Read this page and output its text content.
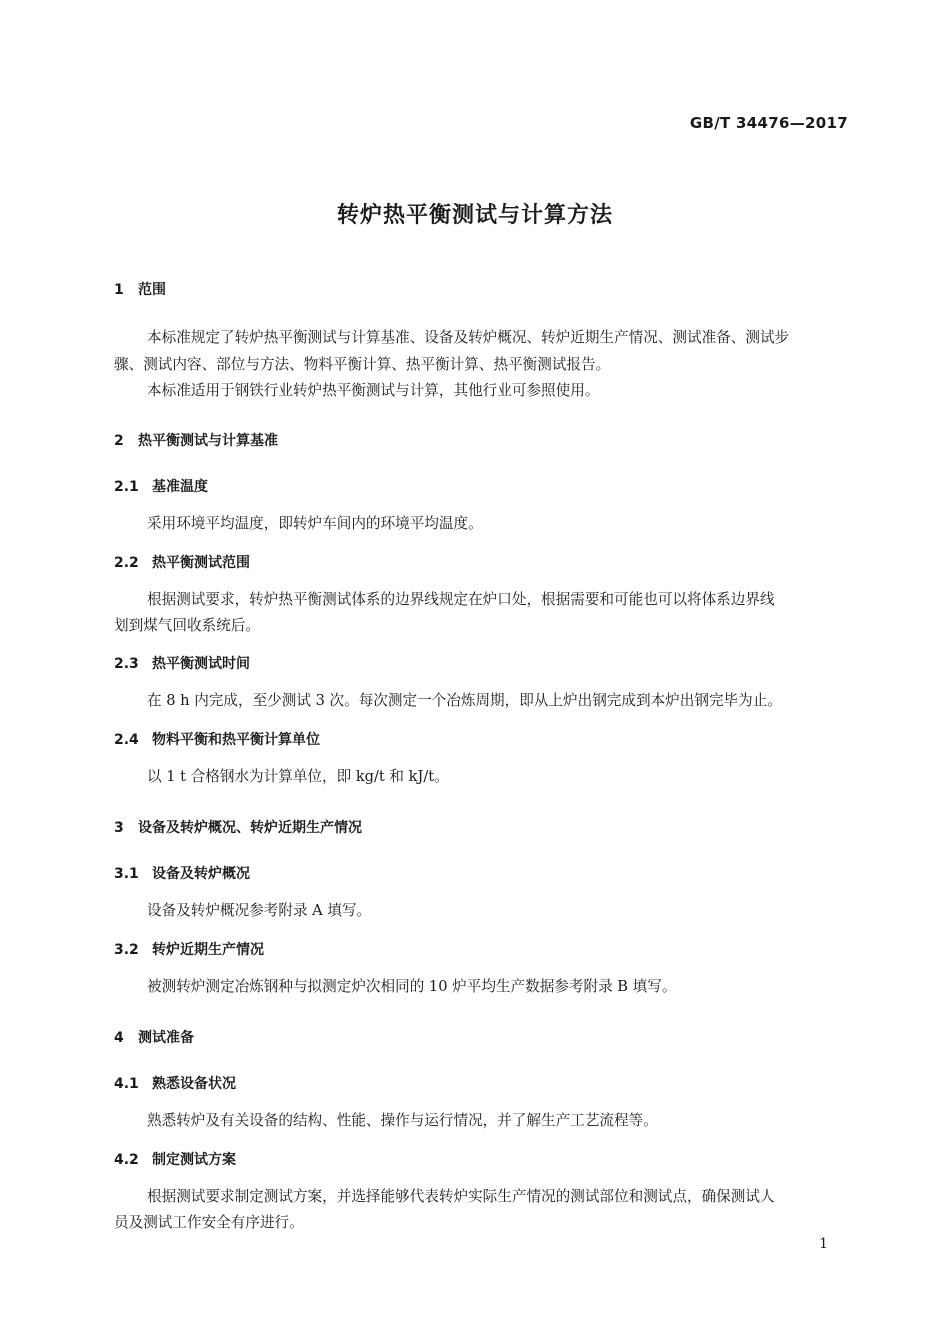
GB/T 34476—2017
转炉热平衡测试与计算方法
1 范围
本标准规定了转炉热平衡测试与计算基准、设备及转炉概况、转炉近期生产情况、测试准备、测试步
骤、测试内容、部位与方法、物料平衡计算、热平衡计算、热平衡测试报告。
本标准适用于钢铁行业转炉热平衡测试与计算，其他行业可参照使用。
2 热平衡测试与计算基准
2.1 基准温度
采用环境平均温度，即转炉车间内的环境平均温度。
2.2 热平衡测试范围
根据测试要求，转炉热平衡测试体系的边界线规定在炉口处，根据需要和可能也可以将体系边界线
划到煤气回收系统后。
2.3 热平衡测试时间
在 8 h 内完成，至少测试 3 次。每次测定一个冶炼周期，即从上炉出钢完成到本炉出钢完毕为止。
2.4 物料平衡和热平衡计算单位
以 1 t 合格钢水为计算单位，即 kg/t 和 kJ/t。
3 设备及转炉概况、转炉近期生产情况
3.1 设备及转炉概况
设备及转炉概况参考附录 A 填写。
3.2 转炉近期生产情况
被测转炉测定冶炼钢种与拟测定炉次相同的 10 炉平均生产数据参考附录 B 填写。
4 测试准备
4.1 熟悉设备状况
熟悉转炉及有关设备的结构、性能、操作与运行情况，并了解生产工艺流程等。
4.2 制定测试方案
根据测试要求制定测试方案，并选择能够代表转炉实际生产情况的测试部位和测试点，确保测试人
员及测试工作安全有序进行。
1
